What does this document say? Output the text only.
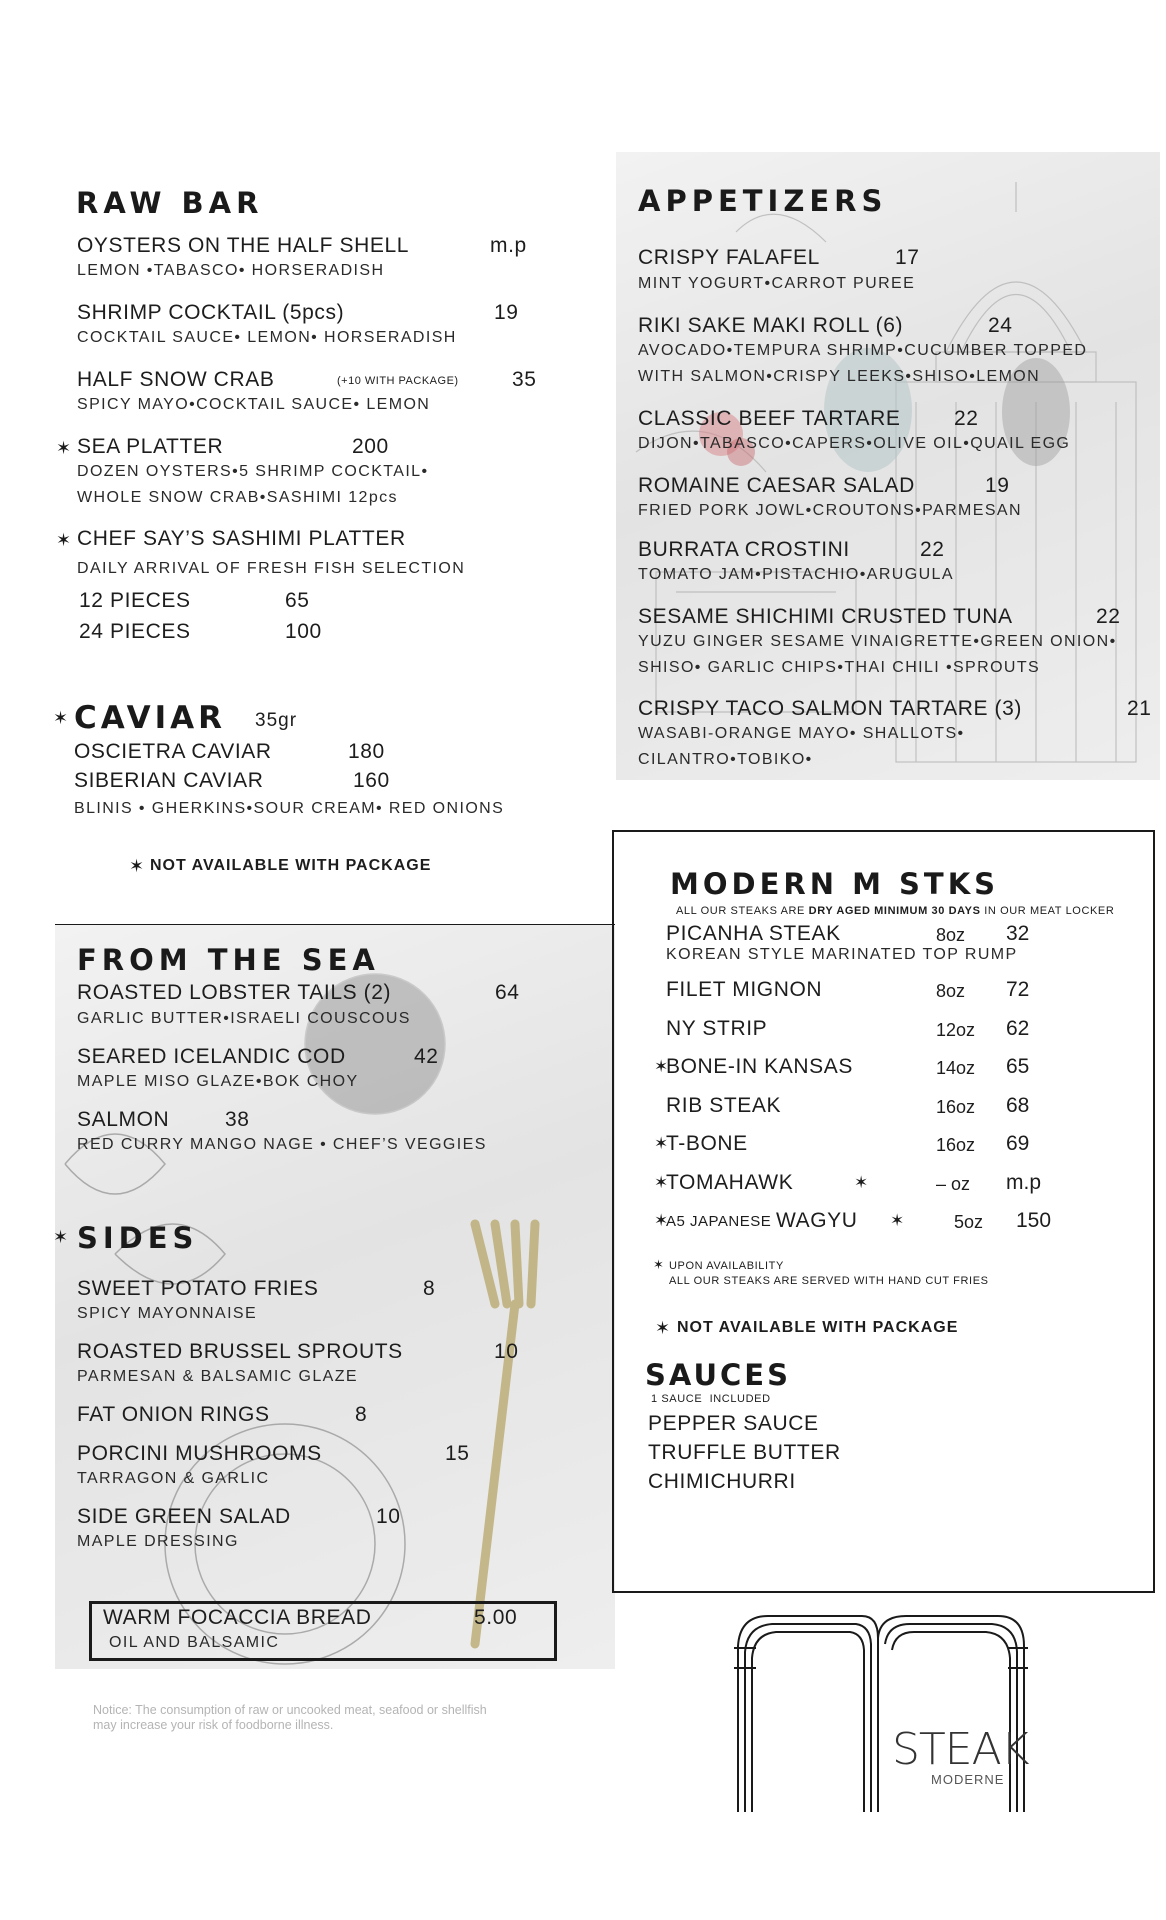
RAW BAR
OYSTERS ON THE HALF SHELL	m.p
LEMON •TABASCO• HORSERADISH
SHRIMP COCKTAIL (5pcs)	19
COCKTAIL SAUCE• LEMON• HORSERADISH
HALF SNOW CRAB	(+10 WITH PACKAGE)	35
SPICY MAYO•COCKTAIL SAUCE• LEMON
✶ SEA PLATTER	200
DOZEN OYSTERS•5 SHRIMP COCKTAIL•
WHOLE SNOW CRAB•SASHIMI 12pcs
✶ CHEF SAY’S SASHIMI PLATTER
DAILY ARRIVAL OF FRESH FISH SELECTION
12 PIECES	65
24 PIECES	100
✶ CAVIAR 35gr
OSCIETRA CAVIAR	180
SIBERIAN CAVIAR	160
BLINIS • GHERKINS•SOUR CREAM• RED ONIONS
✶ NOT AVAILABLE WITH PACKAGE
APPETIZERS
CRISPY FALAFEL	17
MINT YOGURT•CARROT PUREE
RIKI SAKE MAKI ROLL (6)	24
AVOCADO•TEMPURA SHRIMP•CUCUMBER TOPPED
WITH SALMON•CRISPY LEEKS•SHISO•LEMON
CLASSIC BEEF TARTARE	22
DIJON•TABASCO•CAPERS•OLIVE OIL•QUAIL EGG
ROMAINE CAESAR SALAD	19
FRIED PORK JOWL•CROUTONS•PARMESAN
BURRATA CROSTINI	22
TOMATO JAM•PISTACHIO•ARUGULA
SESAME SHICHIMI CRUSTED TUNA	22
YUZU GINGER SESAME VINAIGRETTE•GREEN ONION•
SHISO• GARLIC CHIPS•THAI CHILI •SPROUTS
CRISPY TACO SALMON TARTARE (3)	21
WASABI-ORANGE MAYO• SHALLOTS•
CILANTRO•TOBIKO•
MODERN M STKS
ALL OUR STEAKS ARE DRY AGED MINIMUM 30 DAYS IN OUR MEAT LOCKER
PICANHA STEAK	8oz 32
KOREAN STYLE MARINATED TOP RUMP
FILET MIGNON	8oz 72
NY STRIP	12oz 62
✶
BONE-IN KANSAS	14oz 65
RIB STEAK	16oz 68
✶
T-BONE	16oz 69
✶
TOMAHAWK	✶	– oz m.p
✶
A5 JAPANESE WAGYU ✶	5oz 150
✶ UPON AVAILABILITY
ALL OUR STEAKS ARE SERVED WITH HAND CUT FRIES
✶ NOT AVAILABLE WITH PACKAGE
SAUCES
1 SAUCE  INCLUDED
PEPPER SAUCE
TRUFFLE BUTTER
CHIMICHURRI
FROM THE SEA
ROASTED LOBSTER TAILS (2)	64
GARLIC BUTTER•ISRAELI COUSCOUS
SEARED ICELANDIC COD	42
MAPLE MISO GLAZE•BOK CHOY
SALMON	38
RED CURRY MANGO NAGE • CHEF’S VEGGIES
✶ SIDES
SWEET POTATO FRIES	8
SPICY MAYONNAISE
ROASTED BRUSSEL SPROUTS	10
PARMESAN & BALSAMIC GLAZE
FAT ONION RINGS	8
PORCINI MUSHROOMS	15
TARRAGON & GARLIC
SIDE GREEN SALAD	10
MAPLE DRESSING
WARM FOCACCIA BREAD	5.00
OIL AND BALSAMIC
Notice: The consumption of raw or uncooked meat, seafood or shellfish
may increase your risk of foodborne illness.	STEAK
MODERNE
